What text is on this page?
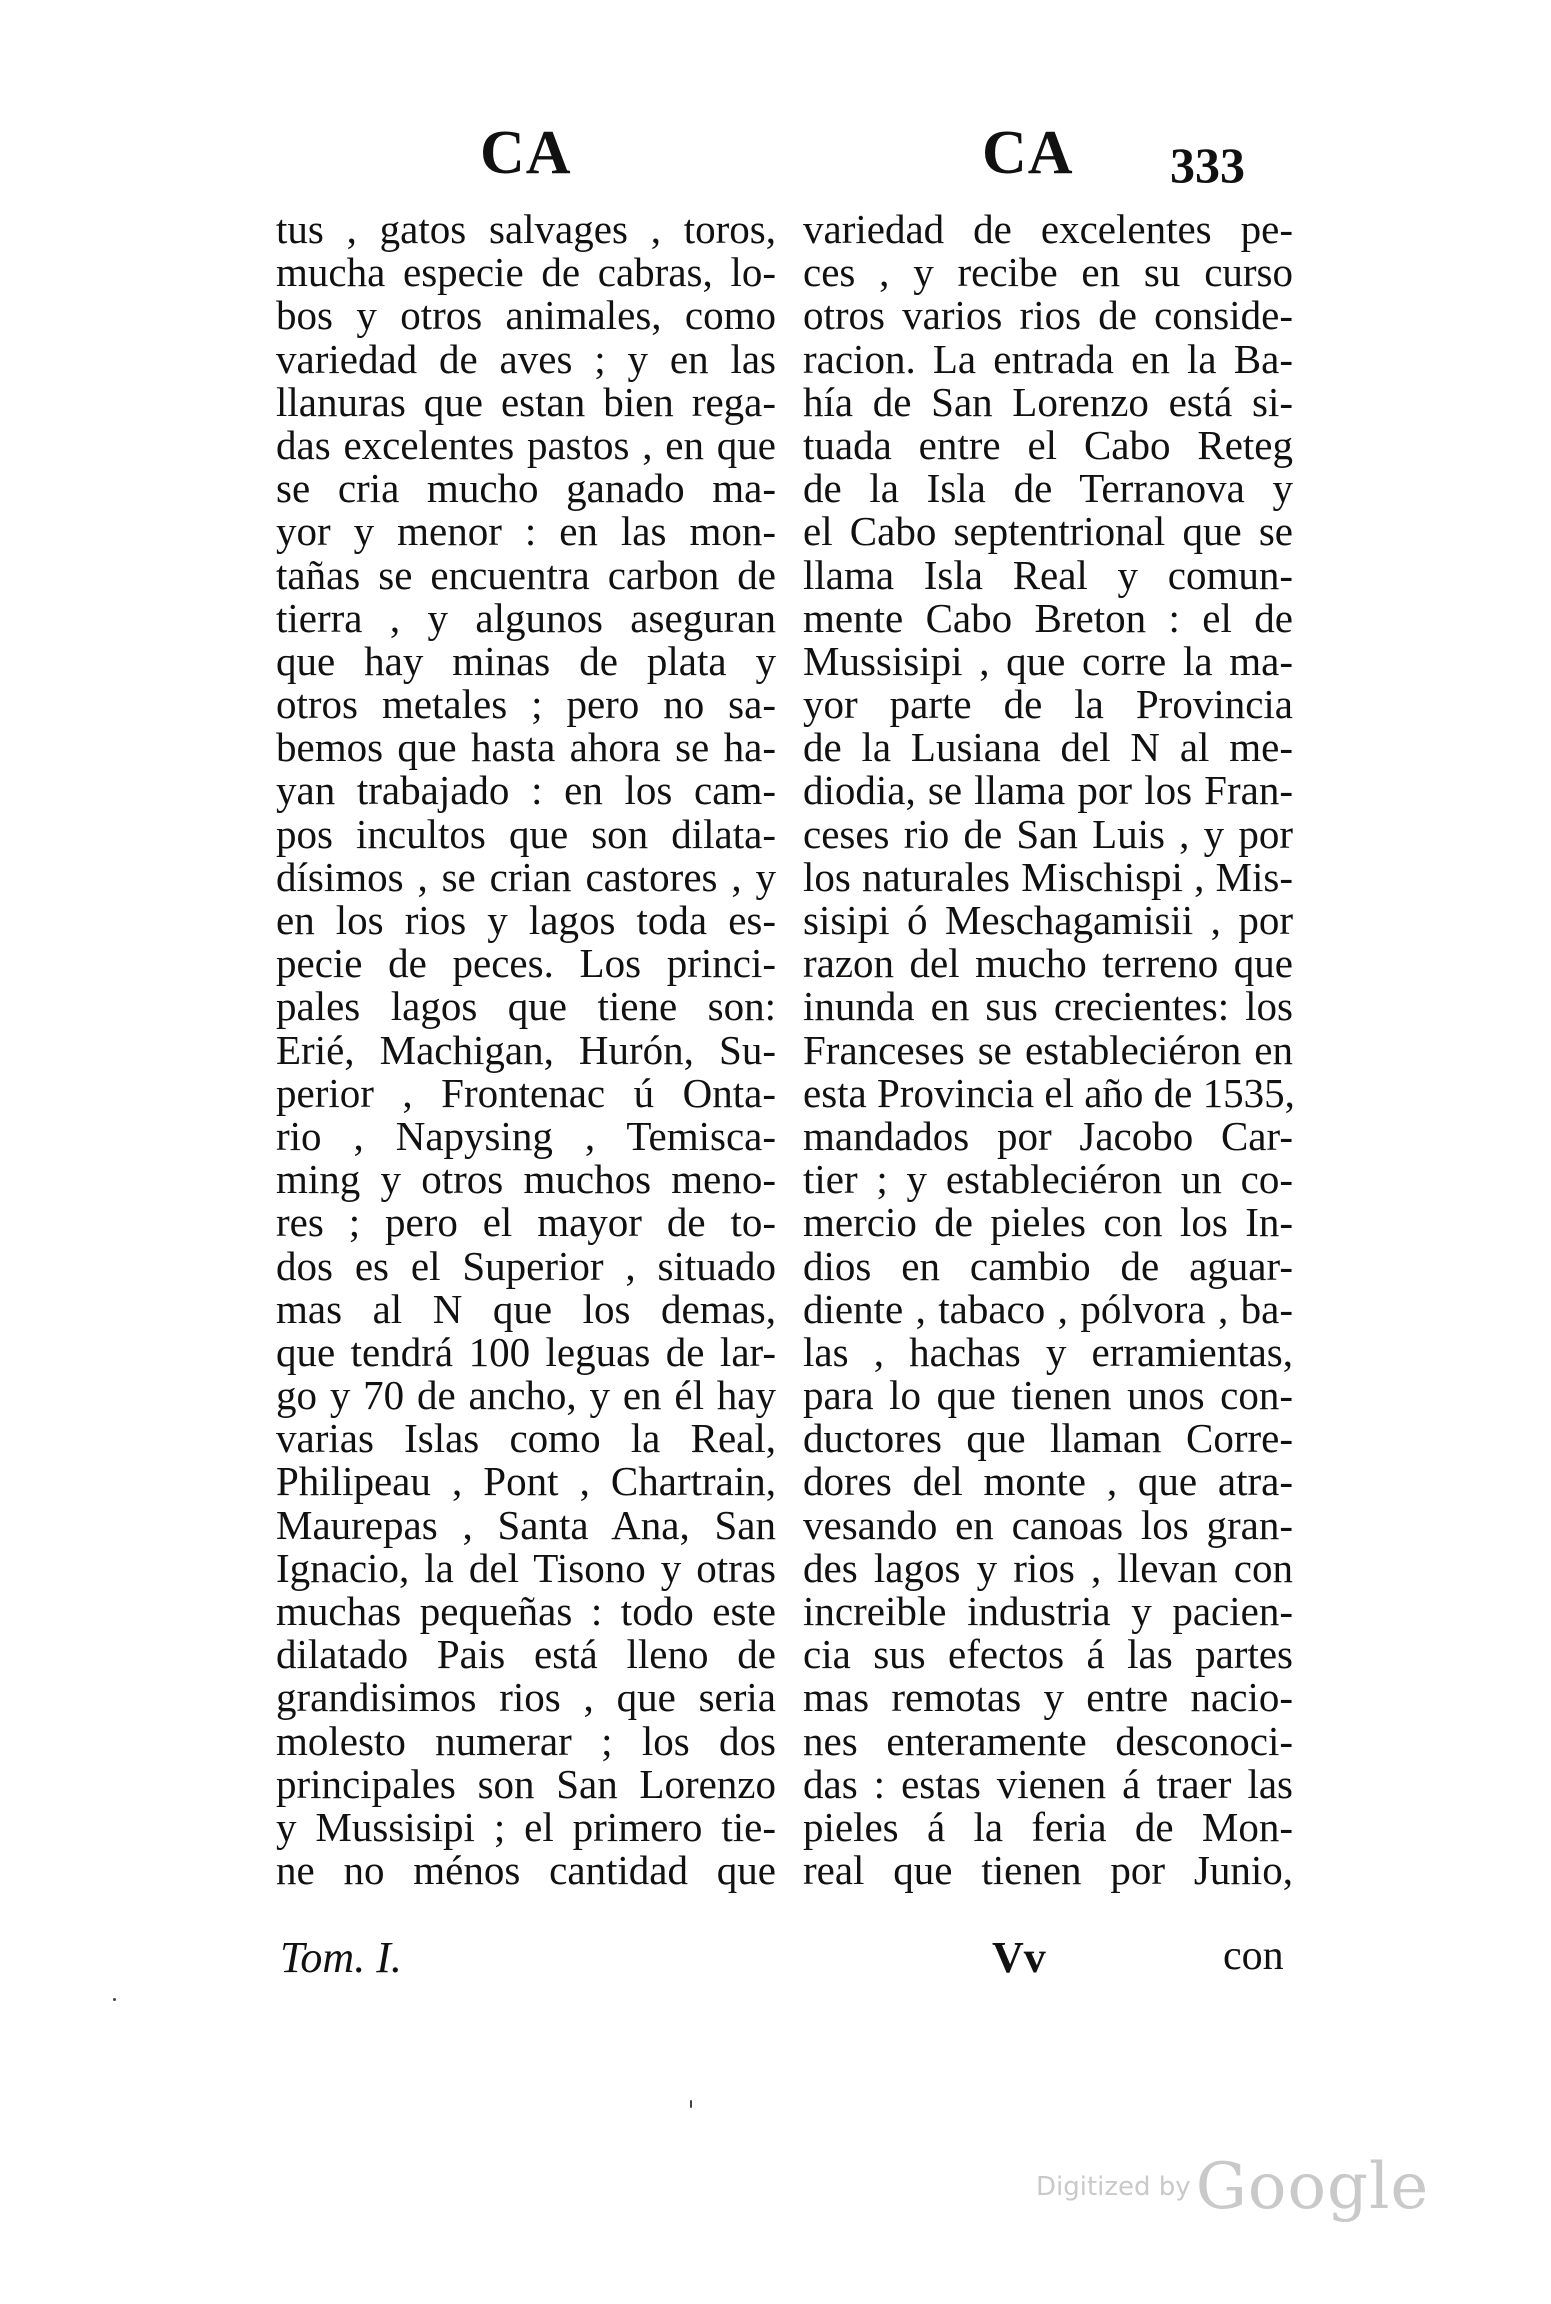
CA	CA 333
tus , gatos salvages , toros,
mucha especie de cabras, lo-
bos y otros animales, como
variedad de aves ; y en las
llanuras que estan bien rega-
das excelentes pastos , en que
se cria mucho ganado ma-
yor y menor : en las mon-
tañas se encuentra carbon de
tierra , y algunos aseguran
que hay minas de plata y
otros metales ; pero no sa-
bemos que hasta ahora se ha-
yan trabajado : en los cam-
pos incultos que son dilata-
dísimos , se crian castores , y
en los rios y lagos toda es-
pecie de peces. Los princi-
pales lagos que tiene son:
Erié, Machigan, Hurón, Su-
perior , Frontenac ú Onta-
rio , Napysing , Temisca-
ming y otros muchos meno-
res ; pero el mayor de to-
dos es el Superior , situado
mas al N que los demas,
que tendrá 100 leguas de lar-
go y 70 de ancho, y en él hay
varias Islas como la Real,
Philipeau , Pont , Chartrain,
Maurepas , Santa Ana, San
Ignacio, la del Tisono y otras
muchas pequeñas : todo este
dilatado Pais está lleno de
grandisimos rios , que seria
molesto numerar ; los dos
principales son San Lorenzo
y Mussisipi ; el primero tie-
ne no ménos cantidad que
variedad de excelentes pe-
ces , y recibe en su curso
otros varios rios de conside-
racion. La entrada en la Ba-
hía de San Lorenzo está si-
tuada entre el Cabo Reteg
de la Isla de Terranova y
el Cabo septentrional que se
llama Isla Real y comun-
mente Cabo Breton : el de
Mussisipi , que corre la ma-
yor parte de la Provincia
de la Lusiana del N al me-
diodia, se llama por los Fran-
ceses rio de San Luis , y por
los naturales Mischispi , Mis-
sisipi ó Meschagamisii , por
razon del mucho terreno que
inunda en sus crecientes: los
Franceses se estableciéron en
esta Provincia el año de 1535,
mandados por Jacobo Car-
tier ; y estableciéron un co-
mercio de pieles con los In-
dios en cambio de aguar-
diente , tabaco , pólvora , ba-
las , hachas y erramientas,
para lo que tienen unos con-
ductores que llaman Corre-
dores del monte , que atra-
vesando en canoas los gran-
des lagos y rios , llevan con
increible industria y pacien-
cia sus efectos á las partes
mas remotas y entre nacio-
nes enteramente desconoci-
das : estas vienen á traer las
pieles á la feria de Mon-
real que tienen por Junio,
Tom. I.	Vv	con
Digitized by Google
